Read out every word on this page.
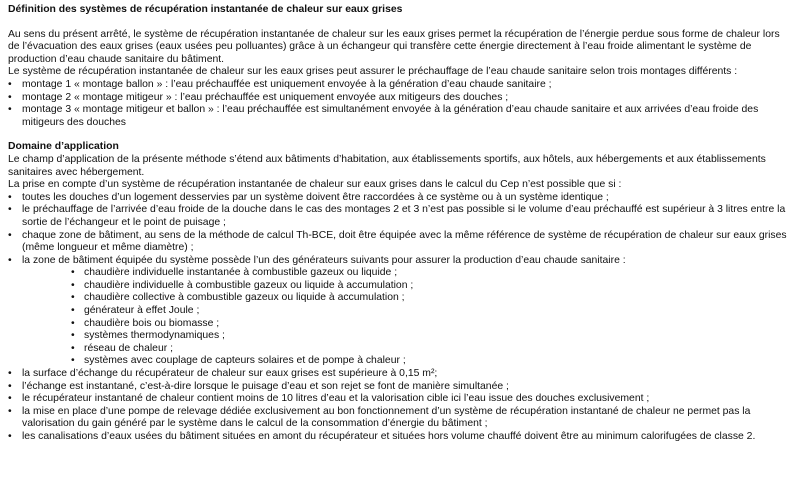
Définition des systèmes de récupération instantanée de chaleur sur eaux grises

Au sens du présent arrêté, le système de récupération instantanée de chaleur sur les eaux grises permet la récupération de l’énergie perdue sous forme de chaleur lors de l’évacuation des eaux grises (eaux usées peu polluantes) grâce à un échangeur qui transfère cette énergie directement à l’eau froide alimentant le système de production d’eau chaude sanitaire du bâtiment.

Le système de récupération instantanée de chaleur sur les eaux grises peut assurer le préchauffage de l’eau chaude sanitaire selon trois montages différents :

• montage 1 « montage ballon » : l’eau préchauffée est uniquement envoyée à la génération d’eau chaude sanitaire ;
• montage 2 « montage mitigeur » : l’eau préchauffée est uniquement envoyée aux mitigeurs des douches ;
• montage 3 « montage mitigeur et ballon » : l’eau préchauffée est simultanément envoyée à la génération d’eau chaude sanitaire et aux arrivées d’eau froide des mitigeurs des douches
Domaine d’application

Le champ d’application de la présente méthode s’étend aux bâtiments d’habitation, aux établissements sportifs, aux hôtels, aux hébergements et aux établissements sanitaires avec hébergement.

La prise en compte d’un système de récupération instantanée de chaleur sur eaux grises dans le calcul du Cep n’est possible que si :

• toutes les douches d’un logement desservies par un système doivent être raccordées à ce système ou à un système identique ;
• le préchauffage de l’arrivée d’eau froide de la douche dans le cas des montages 2 et 3 n’est pas possible si le volume d’eau préchauffé est supérieur à 3 litres entre la sortie de l’échangeur et le point de puisage ;
• chaque zone de bâtiment, au sens de la méthode de calcul Th-BCE, doit être équipée avec la même référence de système de récupération de chaleur sur eaux grises (même longueur et même diamètre) ;
• la zone de bâtiment équipée du système possède l’un des générateurs suivants pour assurer la production d’eau chaude sanitaire :
• chaudière individuelle instantanée à combustible gazeux ou liquide ;
• chaudière individuelle à combustible gazeux ou liquide à accumulation ;
• chaudière collective à combustible gazeux ou liquide à accumulation ;
• générateur à effet Joule ;
• chaudière bois ou biomasse ;
• systèmes thermodynamiques ;
• réseau de chaleur ;
• systèmes avec couplage de capteurs solaires et de pompe à chaleur ;
• la surface d’échange du récupérateur de chaleur sur eaux grises est supérieure à 0,15 m²;
• l’échange est instantané, c’est-à-dire lorsque le puisage d’eau et son rejet se font de manière simultanée ;
• le récupérateur instantané de chaleur contient moins de 10 litres d’eau et la valorisation cible ici l’eau issue des douches exclusivement ;
• la mise en place d’une pompe de relevage dédiée exclusivement au bon fonctionnement d’un système de récupération instantané de chaleur ne permet pas la valorisation du gain généré par le système dans le calcul de la consommation d’énergie du bâtiment ;
• les canalisations d’eaux usées du bâtiment situées en amont du récupérateur et situées hors volume chauffé doivent être au minimum calorifugées de classe 2.
